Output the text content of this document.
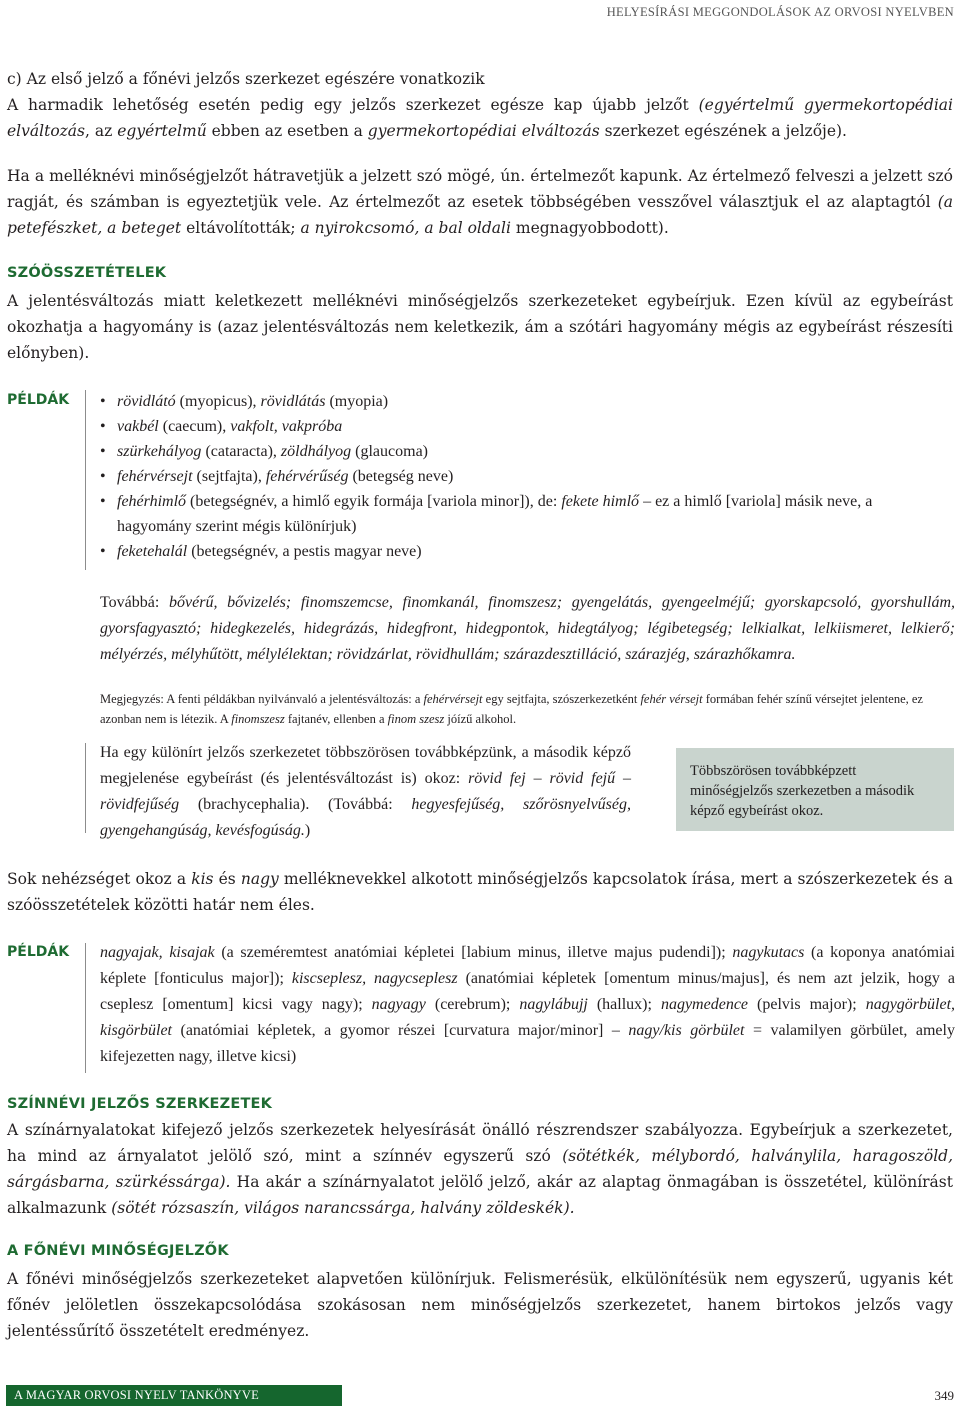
HELYESÍRÁSI MEGGONDOLÁSOK AZ ORVOSI NYELVBEN

c) Az első jelző a főnévi jelzős szerkezet egészére vonatkozik

A harmadik lehetőség esetén pedig egy jelzős szerkezet egésze kap újabb jelzőt (egyértelmű gyermekortopédiai elváltozás, az egyértelmű ebben az esetben a gyermekortopédiai elváltozás szerkezet egészének a jelzője).

Ha a melléknévi minőségjelzőt hátravetjük a jelzett szó mögé, ún. értelmezőt kapunk. Az értelmező felveszi a jelzett szó ragját, és számban is egyeztetjük vele. Az értelmezőt az esetek többségében vesszővel választjuk el az alaptagtól (a petefészket, a beteget eltávolították; a nyirokcsomó, a bal oldali megnagyobbodott).

SZÓÖSSZETÉTELEK

A jelentésváltozás miatt keletkezett melléknévi minőségjelzős szerkezeteket egybeírjuk. Ezen kívül az egybeírást okozhatja a hagyomány is (azaz jelentésváltozás nem keletkezik, ám a szótári hagyomány mégis az egybeírást részesíti előnyben).

PÉLDÁK
•	rövidlátó (myopicus), rövidlátás (myopia)
• vakbél (caecum), vakfolt, vakpróba
• szürkehályog (cataracta), zöldhályog (glaucoma)
• fehérvérsejt (sejtfajta), fehérvérűség (betegség neve)
• fehérhimlő (betegségnév, a himlő egyik formája [variola minor]), de: fekete himlő – ez a himlő [variola] másik neve, a hagyomány szerint mégis különírjuk)
• feketehalál (betegségnév, a pestis magyar neve)
Továbbá: bővérű, bővizelés; finomszemcse, finomkanál, finomszesz; gyengelátás, gyengeelméjű; gyorskapcsoló, gyorshullám, gyorsfagyasztó; hidegkezelés, hidegrázás, hidegfront, hidegpontok, hidegtályog; légibetegség; lelkialkat, lelkiismeret, lelkierő; mélyérzés, mélyhűtött, mélylélektan; rövidzárlat, rövidhullám; szárazdesztilláció, szárazjég, szárazhőkamra.

Megjegyzés: A fenti példákban nyilvánvaló a jelentésváltozás: a fehérvérsejt egy sejtfajta, szószerkezetként fehér vérsejt formában fehér színű vérsejtet jelentene, ez azonban nem is létezik. A finomszesz fajtanév, ellenben a finom szesz jóízű alkohol.

Ha egy különírt jelzős szerkezetet többszörösen továbbképzünk, a második képző megjelenése egybeírást (és jelentésváltozást is) okoz: rövid fej – rövid fejű – rövidfejűség (brachycephalia). (Továbbá: hegyesfejűség, szőrösnyelvűség, gyengehangúság, kevésfogúság.)
Többszörösen továbbképzett minőségjelzős szerkezetben a második képző egybeírást okoz.

Sok nehézséget okoz a kis és nagy melléknevekkel alkotott minőségjelzős kapcsolatok írása, mert a szószerkezetek és a szóösszetételek közötti határ nem éles.

PÉLDÁK nagyajak, kisajak (a szeméremtest anatómiai képletei [labium minus, illetve majus pudendi]); nagykutacs (a koponya anatómiai képlete [fonticulus major]); kiscseplesz, nagycseplesz (anatómiai képletek [omentum minus/majus], és nem azt jelzik, hogy a cseplesz [omentum] kicsi vagy nagy); nagyagy (cerebrum); nagylábujj (hallux); nagymedence (pelvis major); nagygörbület, kisgörbület (anatómiai képletek, a gyomor részei [curvatura major/minor] – nagy/kis görbület = valamilyen görbület, amely kifejezetten nagy, illetve kicsi)
SZÍNNÉVI JELZŐS SZERKEZETEK

A színárnyalatokat kifejező jelzős szerkezetek helyesírását önálló részrendszer szabályozza. Egybeírjuk a szerkezetet, ha mind az árnyalatot jelölő szó, mint a színnév egyszerű szó (sötétkék, mélybordó, halványlila, haragoszöld, sárgásbarna, szürkéssárga). Ha akár a színárnyalatot jelölő jelző, akár az alaptag önmagában is összetétel, különírást alkalmazunk (sötét rózsaszín, világos narancssárga, halvány zöldeskék).

A FŐNÉVI MINŐSÉGJELZŐK

A főnévi minőségjelzős szerkezeteket alapvetően különírjuk. Felismerésük, elkülönítésük nem egyszerű, ugyanis két főnév jelöletlen összekapcsolódása szokásosan nem minőségjelzős szerkezetet, hanem birtokos jelzős vagy jelentéssűrítő összetételt eredményez.

A MAGYAR ORVOSI NYELV TANKÖNYVE	349
